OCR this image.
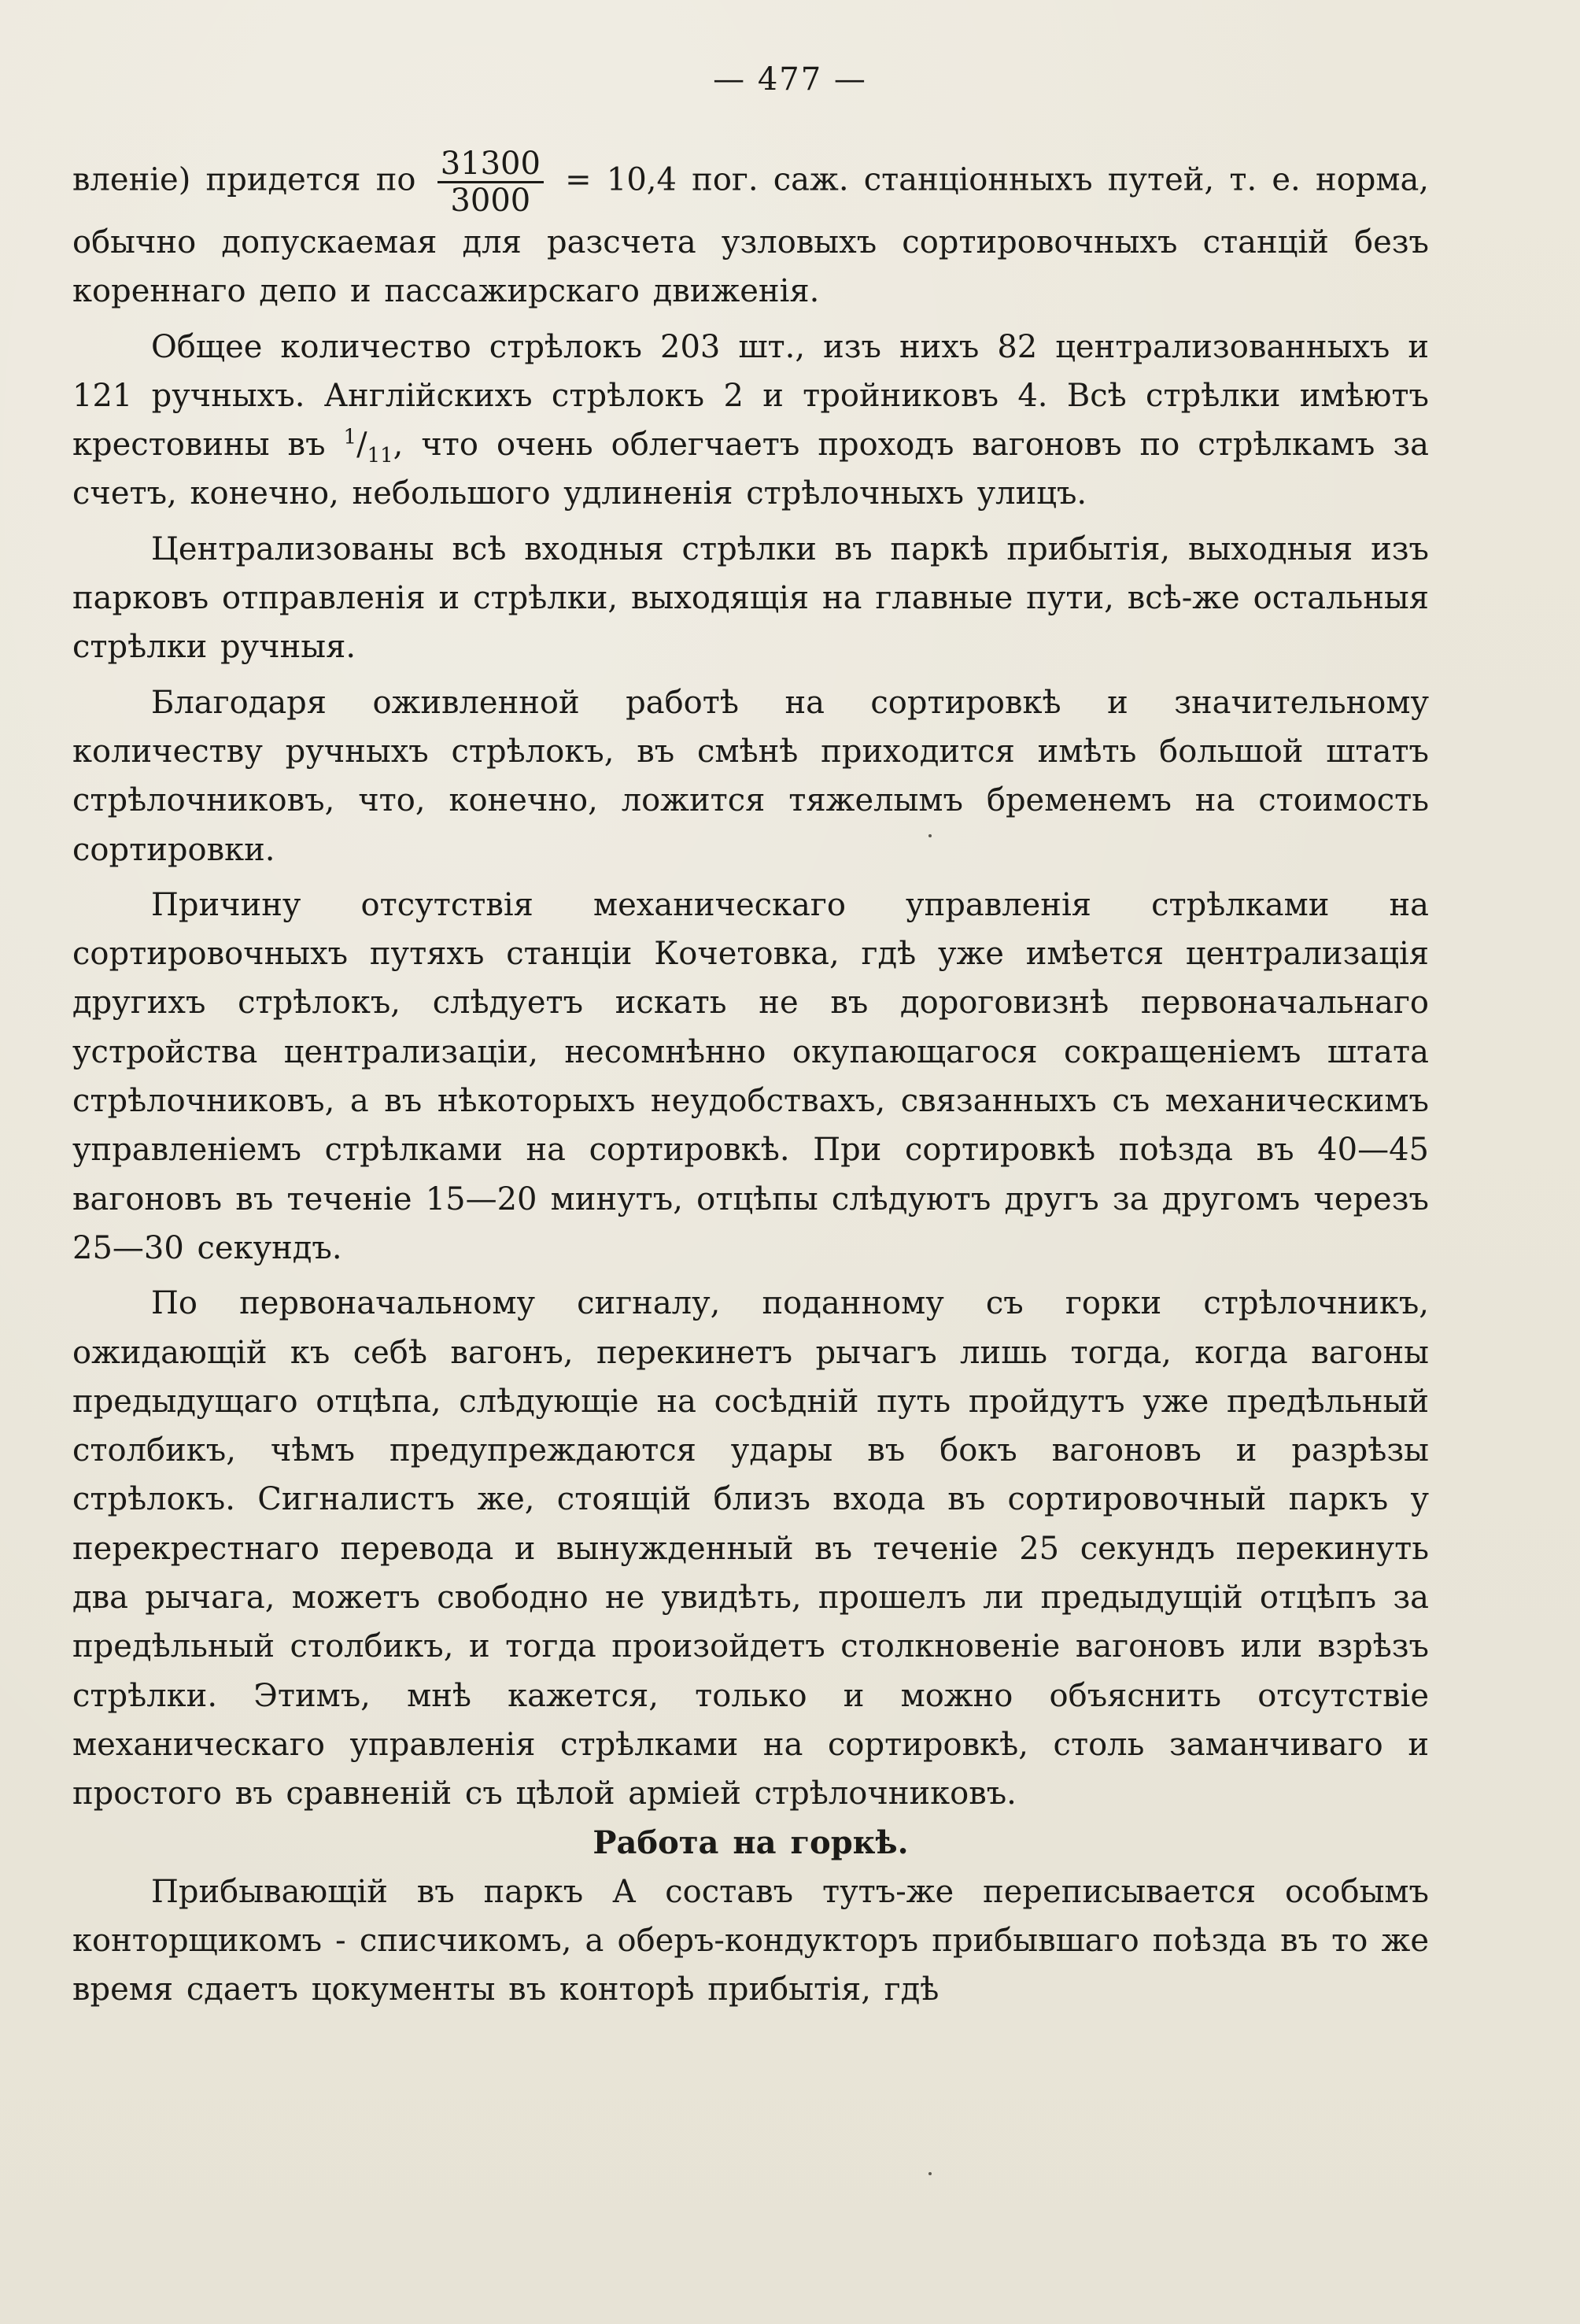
— 477 —

вленіе) придется по $\frac{31300}{3000} = 10,4$ пог. саж. станціонныхъ путей, т. е. норма, обычно допускаемая для разсчета узловыхъ сортировочныхъ станцій безъ кореннаго депо и пассажирскаго движенія.

Общее количество стрѣлокъ 203 шт., изъ нихъ 82 централизованныхъ и 121 ручныхъ. Англійскихъ стрѣлокъ 2 и тройниковъ 4. Всѣ стрѣлки имѣютъ крестовины въ $^1/_{11}$, что очень облегчаетъ проходъ вагоновъ по стрѣлкамъ за счетъ, конечно, небольшого удлиненія стрѣлочныхъ улицъ.

Централизованы всѣ входныя стрѣлки въ паркѣ прибытія, выходныя изъ парковъ отправленія и стрѣлки, выходящія на главные пути, всѣ-же остальныя стрѣлки ручныя.

Благодаря оживленной работѣ на сортировкѣ и значительному количеству ручныхъ стрѣлокъ, въ смѣнѣ приходится имѣть большой штатъ стрѣлочниковъ, что, конечно, ложится тяжелымъ бременемъ на стоимость сортировки.

Причину отсутствія механическаго управленія стрѣлками на сортировочныхъ путяхъ станціи Кочетовка, гдѣ уже имѣется централизація другихъ стрѣлокъ, слѣдуетъ искать не въ дороговизнѣ первоначальнаго устройства централизаціи, несомнѣнно окупающагося сокращеніемъ штата стрѣлочниковъ, а въ нѣкоторыхъ неудобствахъ, связанныхъ съ механическимъ управленіемъ стрѣлками на сортировкѣ. При сортировкѣ поѣзда въ 40—45 вагоновъ въ теченіе 15—20 минутъ, отцѣпы слѣдуютъ другъ за другомъ черезъ 25—30 секундъ.

По первоначальному сигналу, поданному съ горки стрѣлочникъ, ожидающій къ себѣ вагонъ, перекинетъ рычагъ лишь тогда, когда вагоны предыдущаго отцѣпа, слѣдующіе на сосѣдній путь пройдутъ уже предѣльный столбикъ, чѣмъ предупреждаются удары въ бокъ вагоновъ и разрѣзы стрѣлокъ. Сигналистъ же, стоящій близъ входа въ сортировочный паркъ у перекрестнаго перевода и вынужденный въ теченіе 25 секундъ перекинуть два рычага, можетъ свободно не увидѣть, прошелъ ли предыдущій отцѣпъ за предѣльный столбикъ, и тогда произойдетъ столкновеніе вагоновъ или взрѣзъ стрѣлки. Этимъ, мнѣ кажется, только и можно объяснить отсутствіе механическаго управленія стрѣлками на сортировкѣ, столь заманчиваго и простого въ сравненій съ цѣлой арміей стрѣлочниковъ.

Работа на горкѣ.

Прибывающій въ паркъ А составъ тутъ-же переписывается особымъ конторщикомъ - списчикомъ, а оберъ-кондукторъ прибывшаго поѣзда въ то же время сдаетъ цокументы въ конторѣ прибытія, гдѣ
